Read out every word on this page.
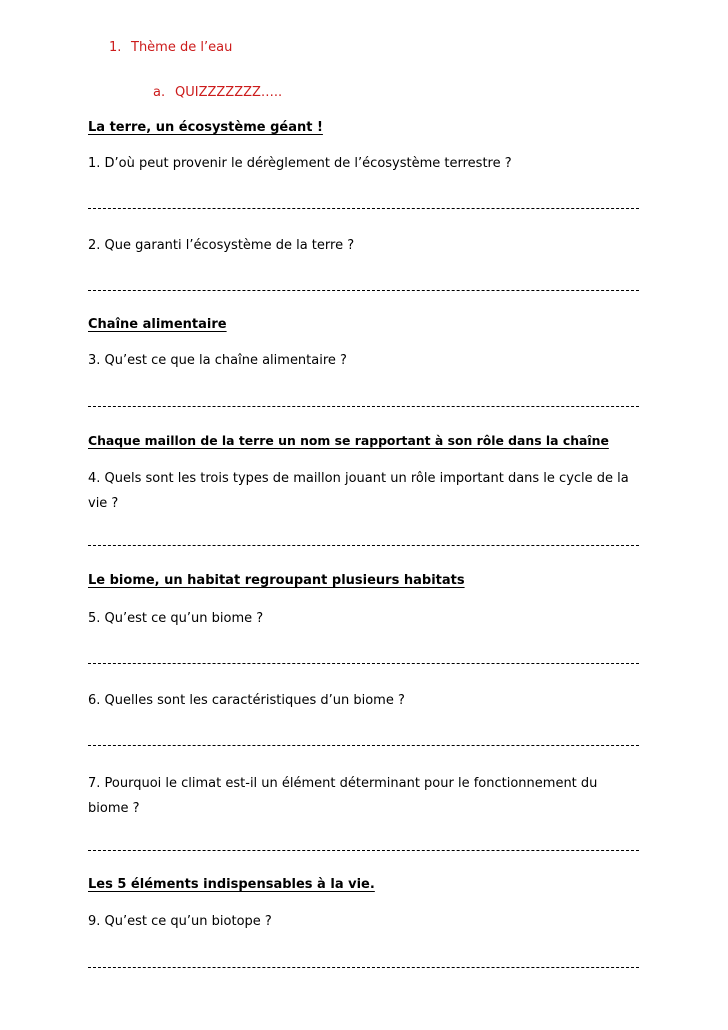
1. Thème de l’eau
a. QUIZZZZZZZ…..
La terre, un écosystème géant !
1. D’où peut provenir le dérèglement de l’écosystème terrestre ?
2. Que garanti l’écosystème de la terre ?
Chaîne alimentaire
3. Qu’est ce que la chaîne alimentaire ?
Chaque maillon de la terre un nom se rapportant à son rôle dans la chaîne
4. Quels sont les trois types de maillon jouant un rôle important dans le cycle de la vie ?
Le biome, un habitat regroupant plusieurs habitats
5. Qu’est ce qu’un biome ?
6. Quelles sont les caractéristiques d’un biome ?
7. Pourquoi le climat est-il un élément déterminant pour le fonctionnement du biome ?
Les 5 éléments indispensables à la vie.
9. Qu’est ce qu’un biotope ?
